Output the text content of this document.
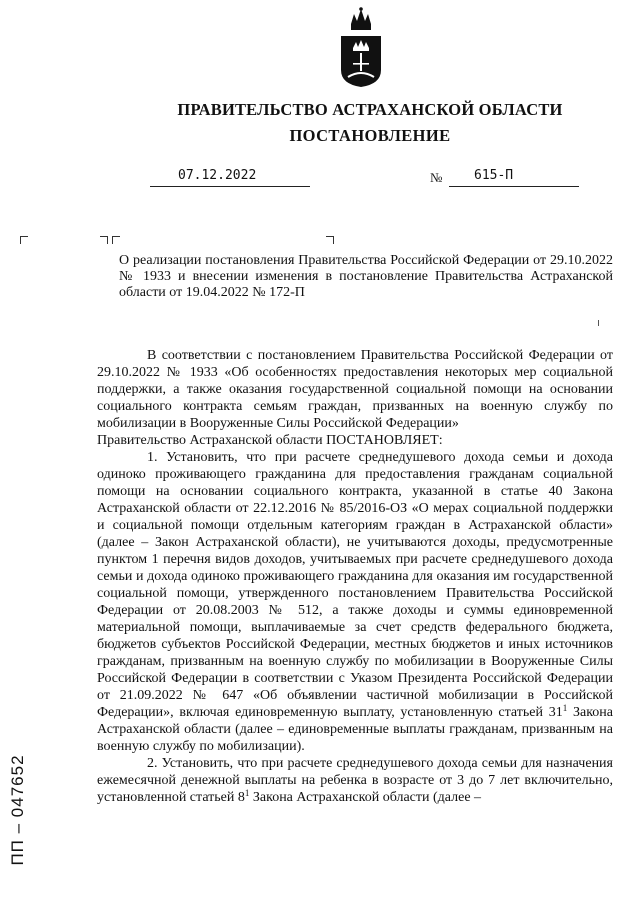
ПРАВИТЕЛЬСТВО АСТРАХАНСКОЙ ОБЛАСТИ
ПОСТАНОВЛЕНИЕ
07.12.2022	№ 615-П
О реализации постановления Правительства Российской Федерации от 29.10.2022 № 1933 и внесении изменения в постановление Правительства Астраханской области от 19.04.2022 № 172-П

В соответствии с постановлением Правительства Российской Федерации от 29.10.2022 № 1933 «Об особенностях предоставления некоторых мер социальной поддержки, а также оказания государственной социальной помощи на основании социального контракта семьям граждан, призванных на военную службу по мобилизации в Вооруженные Силы Российской Федерации»

Правительство Астраханской области ПОСТАНОВЛЯЕТ:

1. Установить, что при расчете среднедушевого дохода семьи и дохода одиноко проживающего гражданина для предоставления гражданам социальной помощи на основании социального контракта, указанной в статье 40 Закона Астраханской области от 22.12.2016 № 85/2016-ОЗ «О мерах социальной поддержки и социальной помощи отдельным категориям граждан в Астраханской области» (далее – Закон Астраханской области), не учитываются доходы, предусмотренные пунктом 1 перечня видов доходов, учитываемых при расчете среднедушевого дохода семьи и дохода одиноко проживающего гражданина для оказания им государственной социальной помощи, утвержденного постановлением Правительства Российской Федерации от 20.08.2003 № 512, а также доходы и суммы единовременной материальной помощи, выплачиваемые за счет средств федерального бюджета, бюджетов субъектов Российской Федерации, местных бюджетов и иных источников гражданам, призванным на военную службу по мобилизации в Вооруженные Силы Российской Федерации в соответствии с Указом Президента Российской Федерации от 21.09.2022 № 647 «Об объявлении частичной мобилизации в Российской Федерации», включая единовременную выплату, установленную статьей $31^1$ Закона Астраханской области (далее – единовременные выплаты гражданам, призванным на военную службу по мобилизации).

2. Установить, что при расчете среднедушевого дохода семьи для назначения ежемесячной денежной выплаты на ребенка в возрасте от 3 до 7 лет включительно, установленной статьей $8^1$ Закона Астраханской области (далее –

ПП – 047652
